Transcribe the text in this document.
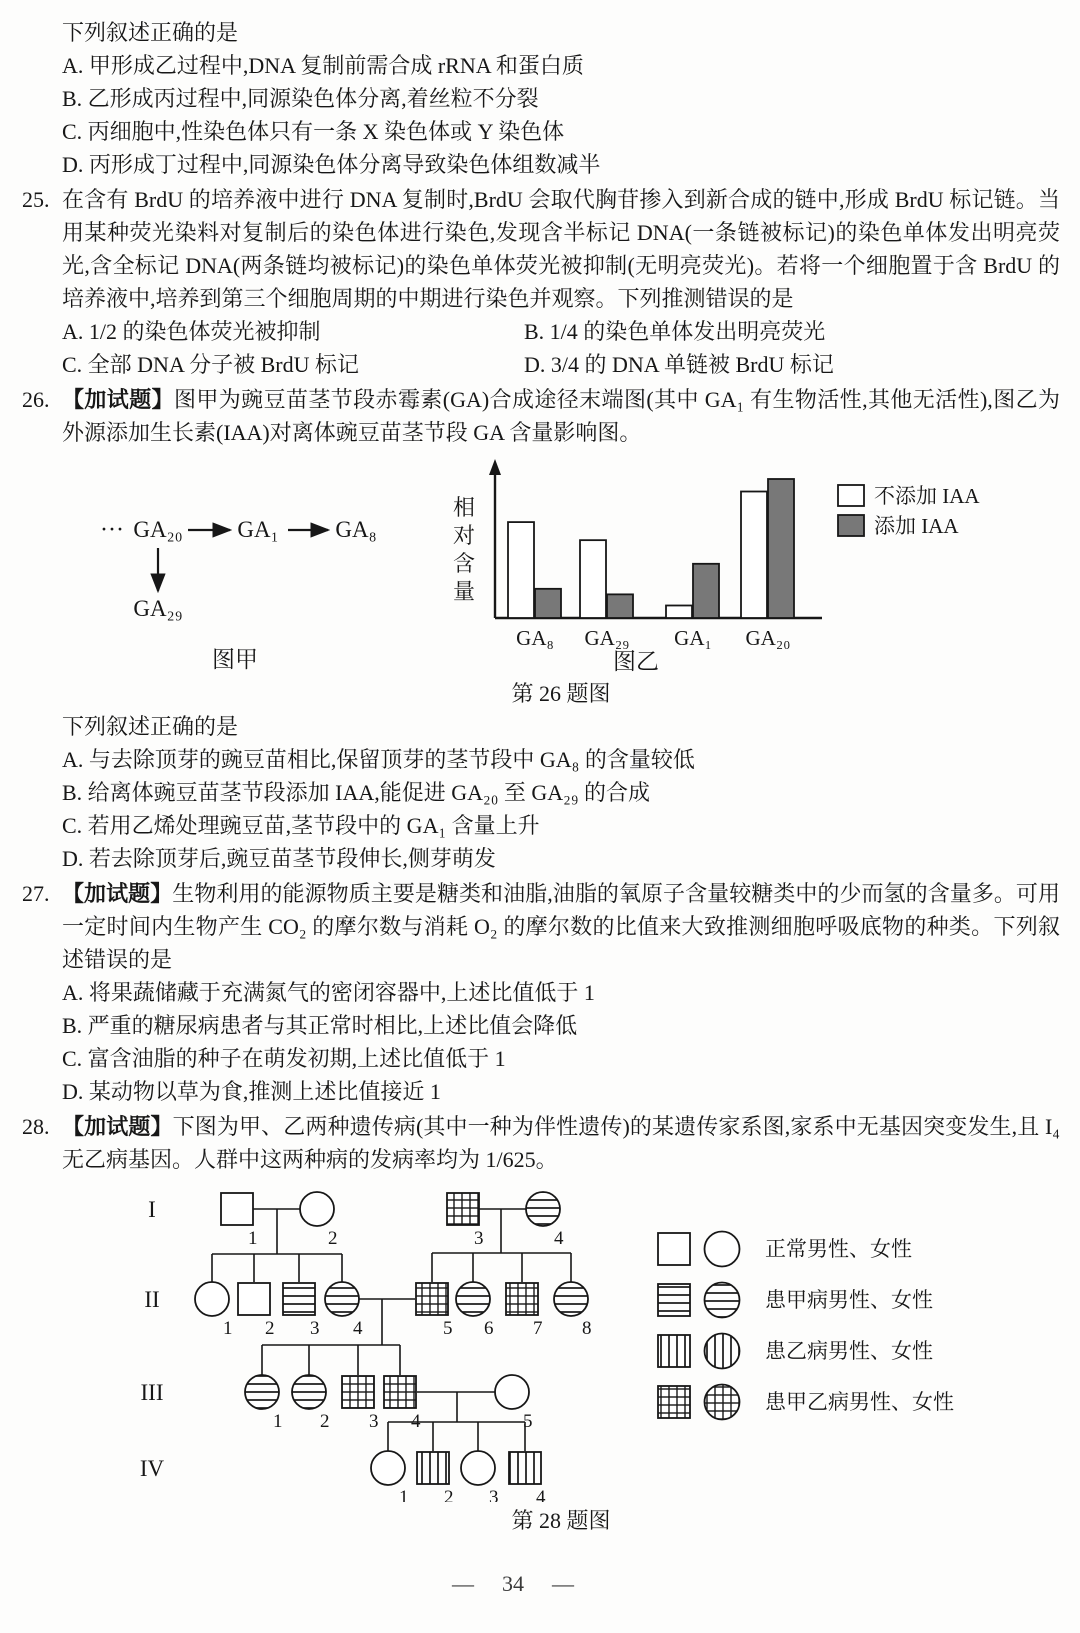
下列叙述正确的是

A. 甲形成乙过程中,DNA 复制前需合成 rRNA 和蛋白质

B. 乙形成丙过程中,同源染色体分离,着丝粒不分裂

C. 丙细胞中,性染色体只有一条 X 染色体或 Y 染色体

D. 丙形成丁过程中,同源染色体分离导致染色体组数减半

25. 在含有 BrdU 的培养液中进行 DNA 复制时,BrdU 会取代胸苷掺入到新合成的链中,形成 BrdU 标记链。当用某种荧光染料对复制后的染色体进行染色,发现含半标记 DNA(一条链被标记)的染色单体发出明亮荧光,含全标记 DNA(两条链均被标记)的染色单体荧光被抑制(无明亮荧光)。若将一个细胞置于含 BrdU 的培养液中,培养到第三个细胞周期的中期进行染色并观察。下列推测错误的是

A. 1/2 的染色体荧光被抑制	B. 1/4 的染色单体发出明亮荧光
C. 全部 DNA 分子被 BrdU 标记	D. 3/4 的 DNA 单链被 BrdU 标记
26. 【加试题】图甲为豌豆苗茎节段赤霉素(GA)合成途径末端图(其中 GA₁ 有生物活性,其他无活性),图乙为外源添加生长素(IAA)对离体豌豆苗茎节段 GA 含量影响图。

··· GA₂₀ GA₁ GA₈
GA₂₉
图甲
相
对
含
量
GA₈ GA₂₉ GA₁ GA₂₀
不添加 IAA
添加 IAA
图乙

第 26 题图

下列叙述正确的是

A. 与去除顶芽的豌豆苗相比,保留顶芽的茎节段中 GA₈ 的含量较低

B. 给离体豌豆苗茎节段添加 IAA,能促进 GA₂₀ 至 GA₂₉ 的合成

C. 若用乙烯处理豌豆苗,茎节段中的 GA₁ 含量上升

D. 若去除顶芽后,豌豆苗茎节段伸长,侧芽萌发

27. 【加试题】生物利用的能源物质主要是糖类和油脂,油脂的氧原子含量较糖类中的少而氢的含量多。可用一定时间内生物产生 CO₂ 的摩尔数与消耗 O₂ 的摩尔数的比值来大致推测细胞呼吸底物的种类。下列叙述错误的是

A. 将果蔬储藏于充满氮气的密闭容器中,上述比值低于 1

B. 严重的糖尿病患者与其正常时相比,上述比值会降低

C. 富含油脂的种子在萌发初期,上述比值低于 1

D. 某动物以草为食,推测上述比值接近 1

28. 【加试题】下图为甲、乙两种遗传病(其中一种为伴性遗传)的某遗传家系图,家系中无基因突变发生,且 I₄ 无乙病基因。人群中这两种病的发病率均为 1/625。

I
II
III
IV
1	2	3	4
1 2 3 4	5 6 7 8
1 2 3 4	5
1 2 3 4
正常男性、女性
患甲病男性、女性
患乙病男性、女性
患甲乙病男性、女性

第 28 题图

— 34 —
